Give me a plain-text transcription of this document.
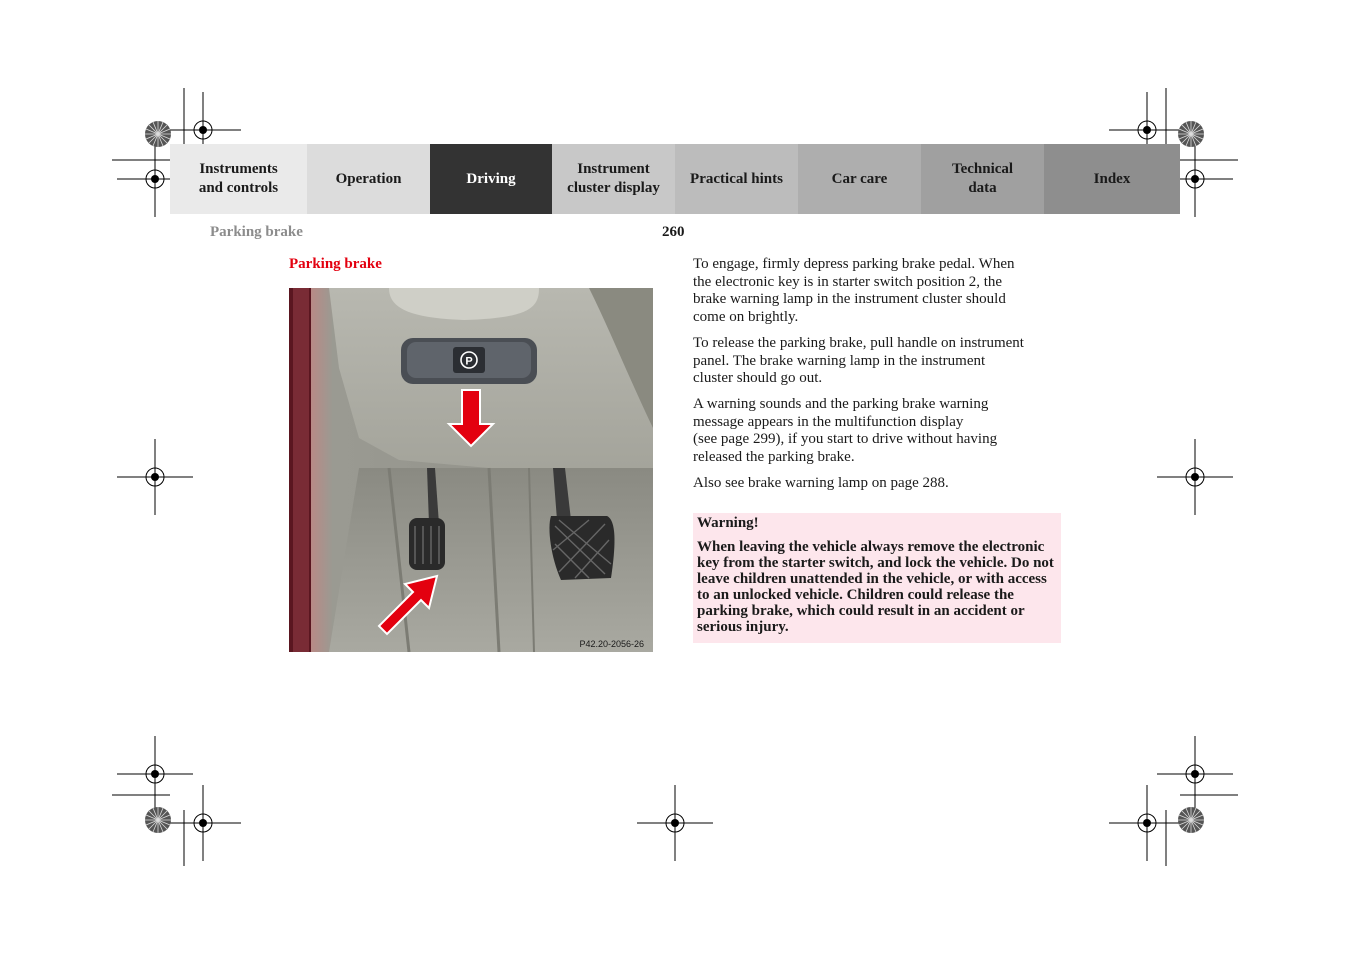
Instruments
and controls
Operation	Driving
Instrument
cluster display
Practical hints	Car care
Technical
data
Index
Parking brake	260
Parking brake
P
P42.20-2056-26

To engage, firmly depress parking brake pedal. When
the electronic key is in starter switch position 2, the
brake warning lamp in the instrument cluster should
come on brightly.

To release the parking brake, pull handle on instrument
panel. The brake warning lamp in the instrument
cluster should go out.

A warning sounds and the parking brake warning
message appears in the multifunction display
(see page 299), if you start to drive without having
released the parking brake.

Also see brake warning lamp on page 288.

Warning!

When leaving the vehicle always remove the electronic key from the starter switch, and lock the vehicle. Do not leave children unattended in the vehicle, or with access to an unlocked vehicle. Children could release the parking brake, which could result in an accident or serious injury.
